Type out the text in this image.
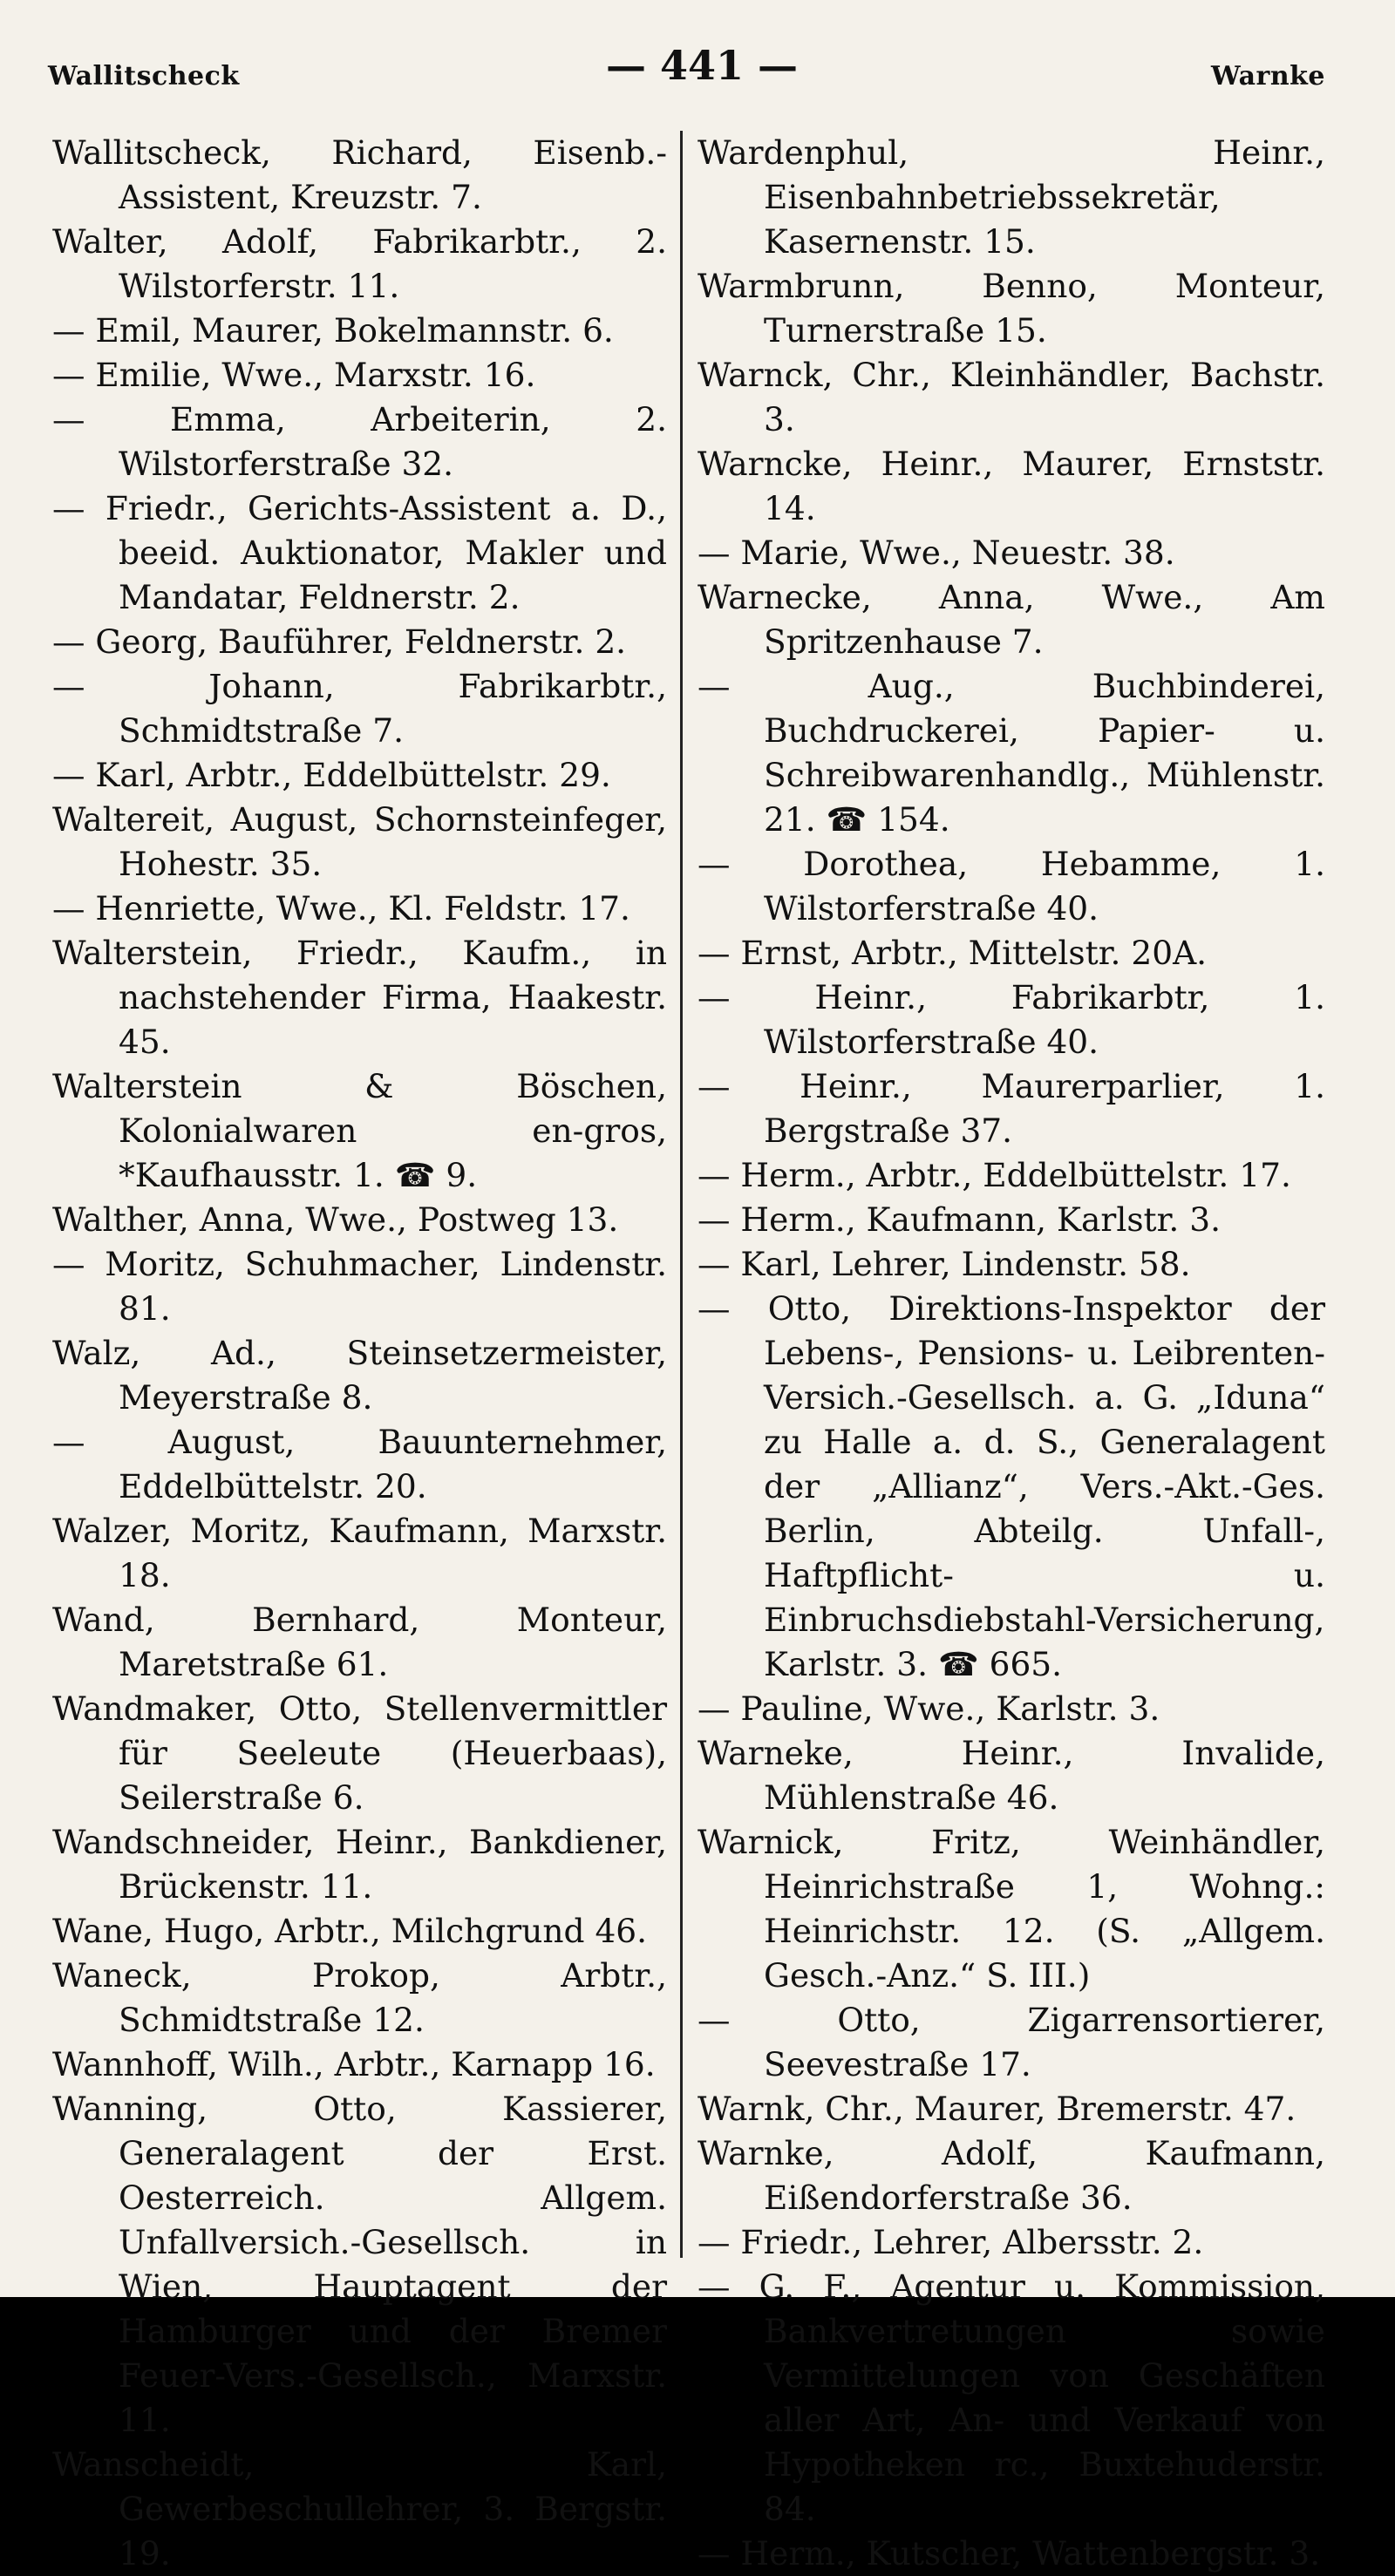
Wallitscheck	— 441 —	Warnke

Wallitscheck, Richard, Eisenb.-Assistent, Kreuzstr. 7.

Walter, Adolf, Fabrikarbtr., 2. Wilstorferstr. 11.

— Emil, Maurer, Bokelmannstr. 6.

— Emilie, Wwe., Marxstr. 16.

— Emma, Arbeiterin, 2. Wilstorferstraße 32.

— Friedr., Gerichts-Assistent a. D., beeid. Auktionator, Makler und Mandatar, Feldnerstr. 2.

— Georg, Bauführer, Feldnerstr. 2.

— Johann, Fabrikarbtr., Schmidtstraße 7.

— Karl, Arbtr., Eddelbüttelstr. 29.

Waltereit, August, Schornsteinfeger, Hohestr. 35.

— Henriette, Wwe., Kl. Feldstr. 17.

Walterstein, Friedr., Kaufm., in nachstehender Firma, Haakestr. 45.

Walterstein & Böschen, Kolonialwaren en-gros, *Kaufhausstr. 1. ☎ 9.

Walther, Anna, Wwe., Postweg 13.

— Moritz, Schuhmacher, Lindenstr. 81.

Walz, Ad., Steinsetzermeister, Meyerstraße 8.

— August, Bauunternehmer, Eddelbüttelstr. 20.

Walzer, Moritz, Kaufmann, Marxstr. 18.

Wand, Bernhard, Monteur, Maretstraße 61.

Wandmaker, Otto, Stellenvermittler für Seeleute (Heuerbaas), Seilerstraße 6.

Wandschneider, Heinr., Bankdiener, Brückenstr. 11.

Wane, Hugo, Arbtr., Milchgrund 46.

Waneck, Prokop, Arbtr., Schmidtstraße 12.

Wannhoff, Wilh., Arbtr., Karnapp 16.

Wanning, Otto, Kassierer, Generalagent der Erst. Oesterreich. Allgem. Unfallversich.-Gesellsch. in Wien, Hauptagent der Hamburger und der Bremer Feuer-Vers.-Gesellsch., Marxstr. 11.

Wanscheidt, Karl, Gewerbeschullehrer, 3. Bergstr. 19.

Wardenphul, Heinr., Eisenbahnbetriebssekretär, Kasernenstr. 15.

Warmbrunn, Benno, Monteur, Turnerstraße 15.

Warnck, Chr., Kleinhändler, Bachstr. 3.

Warncke, Heinr., Maurer, Ernststr. 14.

— Marie, Wwe., Neuestr. 38.

Warnecke, Anna, Wwe., Am Spritzenhause 7.

— Aug., Buchbinderei, Buchdruckerei, Papier- u. Schreibwarenhandlg., Mühlenstr. 21. ☎ 154.

— Dorothea, Hebamme, 1. Wilstorferstraße 40.

— Ernst, Arbtr., Mittelstr. 20A.

— Heinr., Fabrikarbtr, 1. Wilstorferstraße 40.

— Heinr., Maurerparlier, 1. Bergstraße 37.

— Herm., Arbtr., Eddelbüttelstr. 17.

— Herm., Kaufmann, Karlstr. 3.

— Karl, Lehrer, Lindenstr. 58.

— Otto, Direktions-Inspektor der Lebens-, Pensions- u. Leibrenten-Versich.-Gesellsch. a. G. „Iduna“ zu Halle a. d. S., Generalagent der „Allianz“, Vers.-Akt.-Ges. Berlin, Abteilg. Unfall-, Haftpflicht- u. Einbruchsdiebstahl-Versicherung, Karlstr. 3. ☎ 665.

— Pauline, Wwe., Karlstr. 3.

Warneke, Heinr., Invalide, Mühlenstraße 46.

Warnick, Fritz, Weinhändler, Heinrichstraße 1, Wohng.: Heinrichstr. 12. (S. „Allgem. Gesch.-Anz.“ S. III.)

— Otto, Zigarrensortierer, Seevestraße 17.

Warnk, Chr., Maurer, Bremerstr. 47.

Warnke, Adolf, Kaufmann, Eißendorferstraße 36.

— Friedr., Lehrer, Albersstr. 2.

— G. F., Agentur u. Kommission, Bankvertretungen sowie Vermittelungen von Geschäften aller Art, An- und Verkauf von Hypotheken rc., Buxtehuderstr. 84.

— Herm., Kutscher, Wattenbergstr. 3.
